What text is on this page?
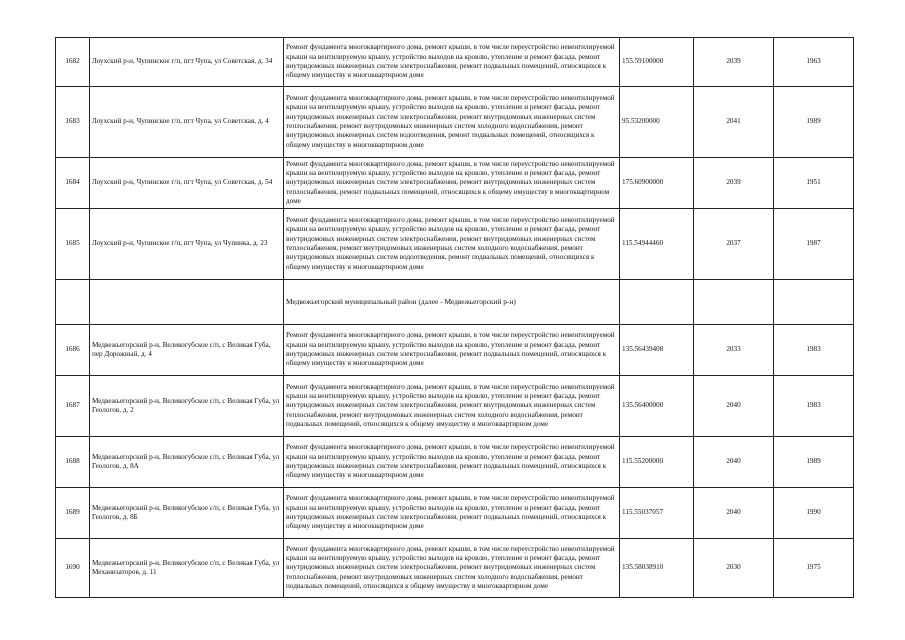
1682	Лоухский р-н, Чупинское г/п, пгт Чупа, ул Советская, д. 34	Ремонт фундамента многоквартирного дома, ремонт крыши, в том числе переустройство невентилируемой крыши на вентилируемую крышу, устройство выходов на кровлю, утепление и ремонт фасада, ремонт внутридомовых инженерных систем электроснабжения, ремонт подвальных помещений, относящихся к общему имуществу в многоквартирном доме	155.59100000	2039	1963
1683	Лоухский р-н, Чупинское г/п, пгт Чупа, ул Советская, д. 4	Ремонт фундамента многоквартирного дома, ремонт крыши, в том числе переустройство невентилируемой крыши на вентилируемую крышу, устройство выходов на кровлю, утепление и ремонт фасада, ремонт внутридомовых инженерных систем электроснабжения, ремонт внутридомовых инженерных систем теплоснабжения, ремонт внутридомовых инженерных систем холодного водоснабжения, ремонт внутридомовых инженерных систем водоотведения, ремонт подвальных помещений, относящихся к общему имуществу в многоквартирном доме	95.53200000	2041	1989
1684	Лоухский р-н, Чупинское г/п, пгт Чупа, ул Советская, д. 54	Ремонт фундамента многоквартирного дома, ремонт крыши, в том числе переустройство невентилируемой крыши на вентилируемую крышу, устройство выходов на кровлю, утепление и ремонт фасада, ремонт внутридомовых инженерных систем электроснабжения, ремонт внутридомовых инженерных систем теплоснабжения, ремонт подвальных помещений, относящихся к общему имуществу в многоквартирном доме	175.60900000	2039	1951
1685	Лоухский р-н, Чупинское г/п, пгт Чупа, ул Чупинка, д. 23	Ремонт фундамента многоквартирного дома, ремонт крыши, в том числе переустройство невентилируемой крыши на вентилируемую крышу, устройство выходов на кровлю, утепление и ремонт фасада, ремонт внутридомовых инженерных систем электроснабжения, ремонт внутридомовых инженерных систем теплоснабжения, ремонт внутридомовых инженерных систем холодного водоснабжения, ремонт внутридомовых инженерных систем водоотведения, ремонт подвальных помещений, относящихся к общему имуществу в многоквартирном доме	115.54944460	2037	1987
		Медвежьегорский муниципальный район (далее - Медвежьегорский р-н)			
1686	Медвежьегорский р-н, Великогубское с/п, с Великая Губа, пер Дорожный, д. 4	Ремонт фундамента многоквартирного дома, ремонт крыши, в том числе переустройство невентилируемой крыши на вентилируемую крышу, устройство выходов на кровлю, утепление и ремонт фасада, ремонт внутридомовых инженерных систем электроснабжения, ремонт подвальных помещений, относящихся к общему имуществу в многоквартирном доме	135.56439408	2033	1983
1687	Медвежьегорский р-н, Великогубское с/п, с Великая Губа, ул Геологов, д. 2	Ремонт фундамента многоквартирного дома, ремонт крыши, в том числе переустройство невентилируемой крыши на вентилируемую крышу, устройство выходов на кровлю, утепление и ремонт фасада, ремонт внутридомовых инженерных систем электроснабжения, ремонт внутридомовых инженерных систем теплоснабжения, ремонт внутридомовых инженерных систем холодного водоснабжения, ремонт подвальных помещений, относящихся к общему имуществу в многоквартирном доме	135.56400000	2040	1983
1688	Медвежьегорский р-н, Великогубское с/п, с Великая Губа, ул Геологов, д. 8А	Ремонт фундамента многоквартирного дома, ремонт крыши, в том числе переустройство невентилируемой крыши на вентилируемую крышу, устройство выходов на кровлю, утепление и ремонт фасада, ремонт внутридомовых инженерных систем электроснабжения, ремонт подвальных помещений, относящихся к общему имуществу в многоквартирном доме	115.55200000	2040	1989
1689	Медвежьегорский р-н, Великогубское с/п, с Великая Губа, ул Геологов, д. 8Б	Ремонт фундамента многоквартирного дома, ремонт крыши, в том числе переустройство невентилируемой крыши на вентилируемую крышу, устройство выходов на кровлю, утепление и ремонт фасада, ремонт внутридомовых инженерных систем электроснабжения, ремонт подвальных помещений, относящихся к общему имуществу в многоквартирном доме	115.55037057	2040	1990
1690	Медвежьегорский р-н, Великогубское с/п, с Великая Губа, ул Механизаторов, д. 11	Ремонт фундамента многоквартирного дома, ремонт крыши, в том числе переустройство невентилируемой крыши на вентилируемую крышу, устройство выходов на кровлю, утепление и ремонт фасада, ремонт внутридомовых инженерных систем электроснабжения, ремонт внутридомовых инженерных систем теплоснабжения, ремонт внутридомовых инженерных систем холодного водоснабжения, ремонт подвальных помещений, относящихся к общему имуществу в многоквартирном доме	135.58038910	2030	1975
